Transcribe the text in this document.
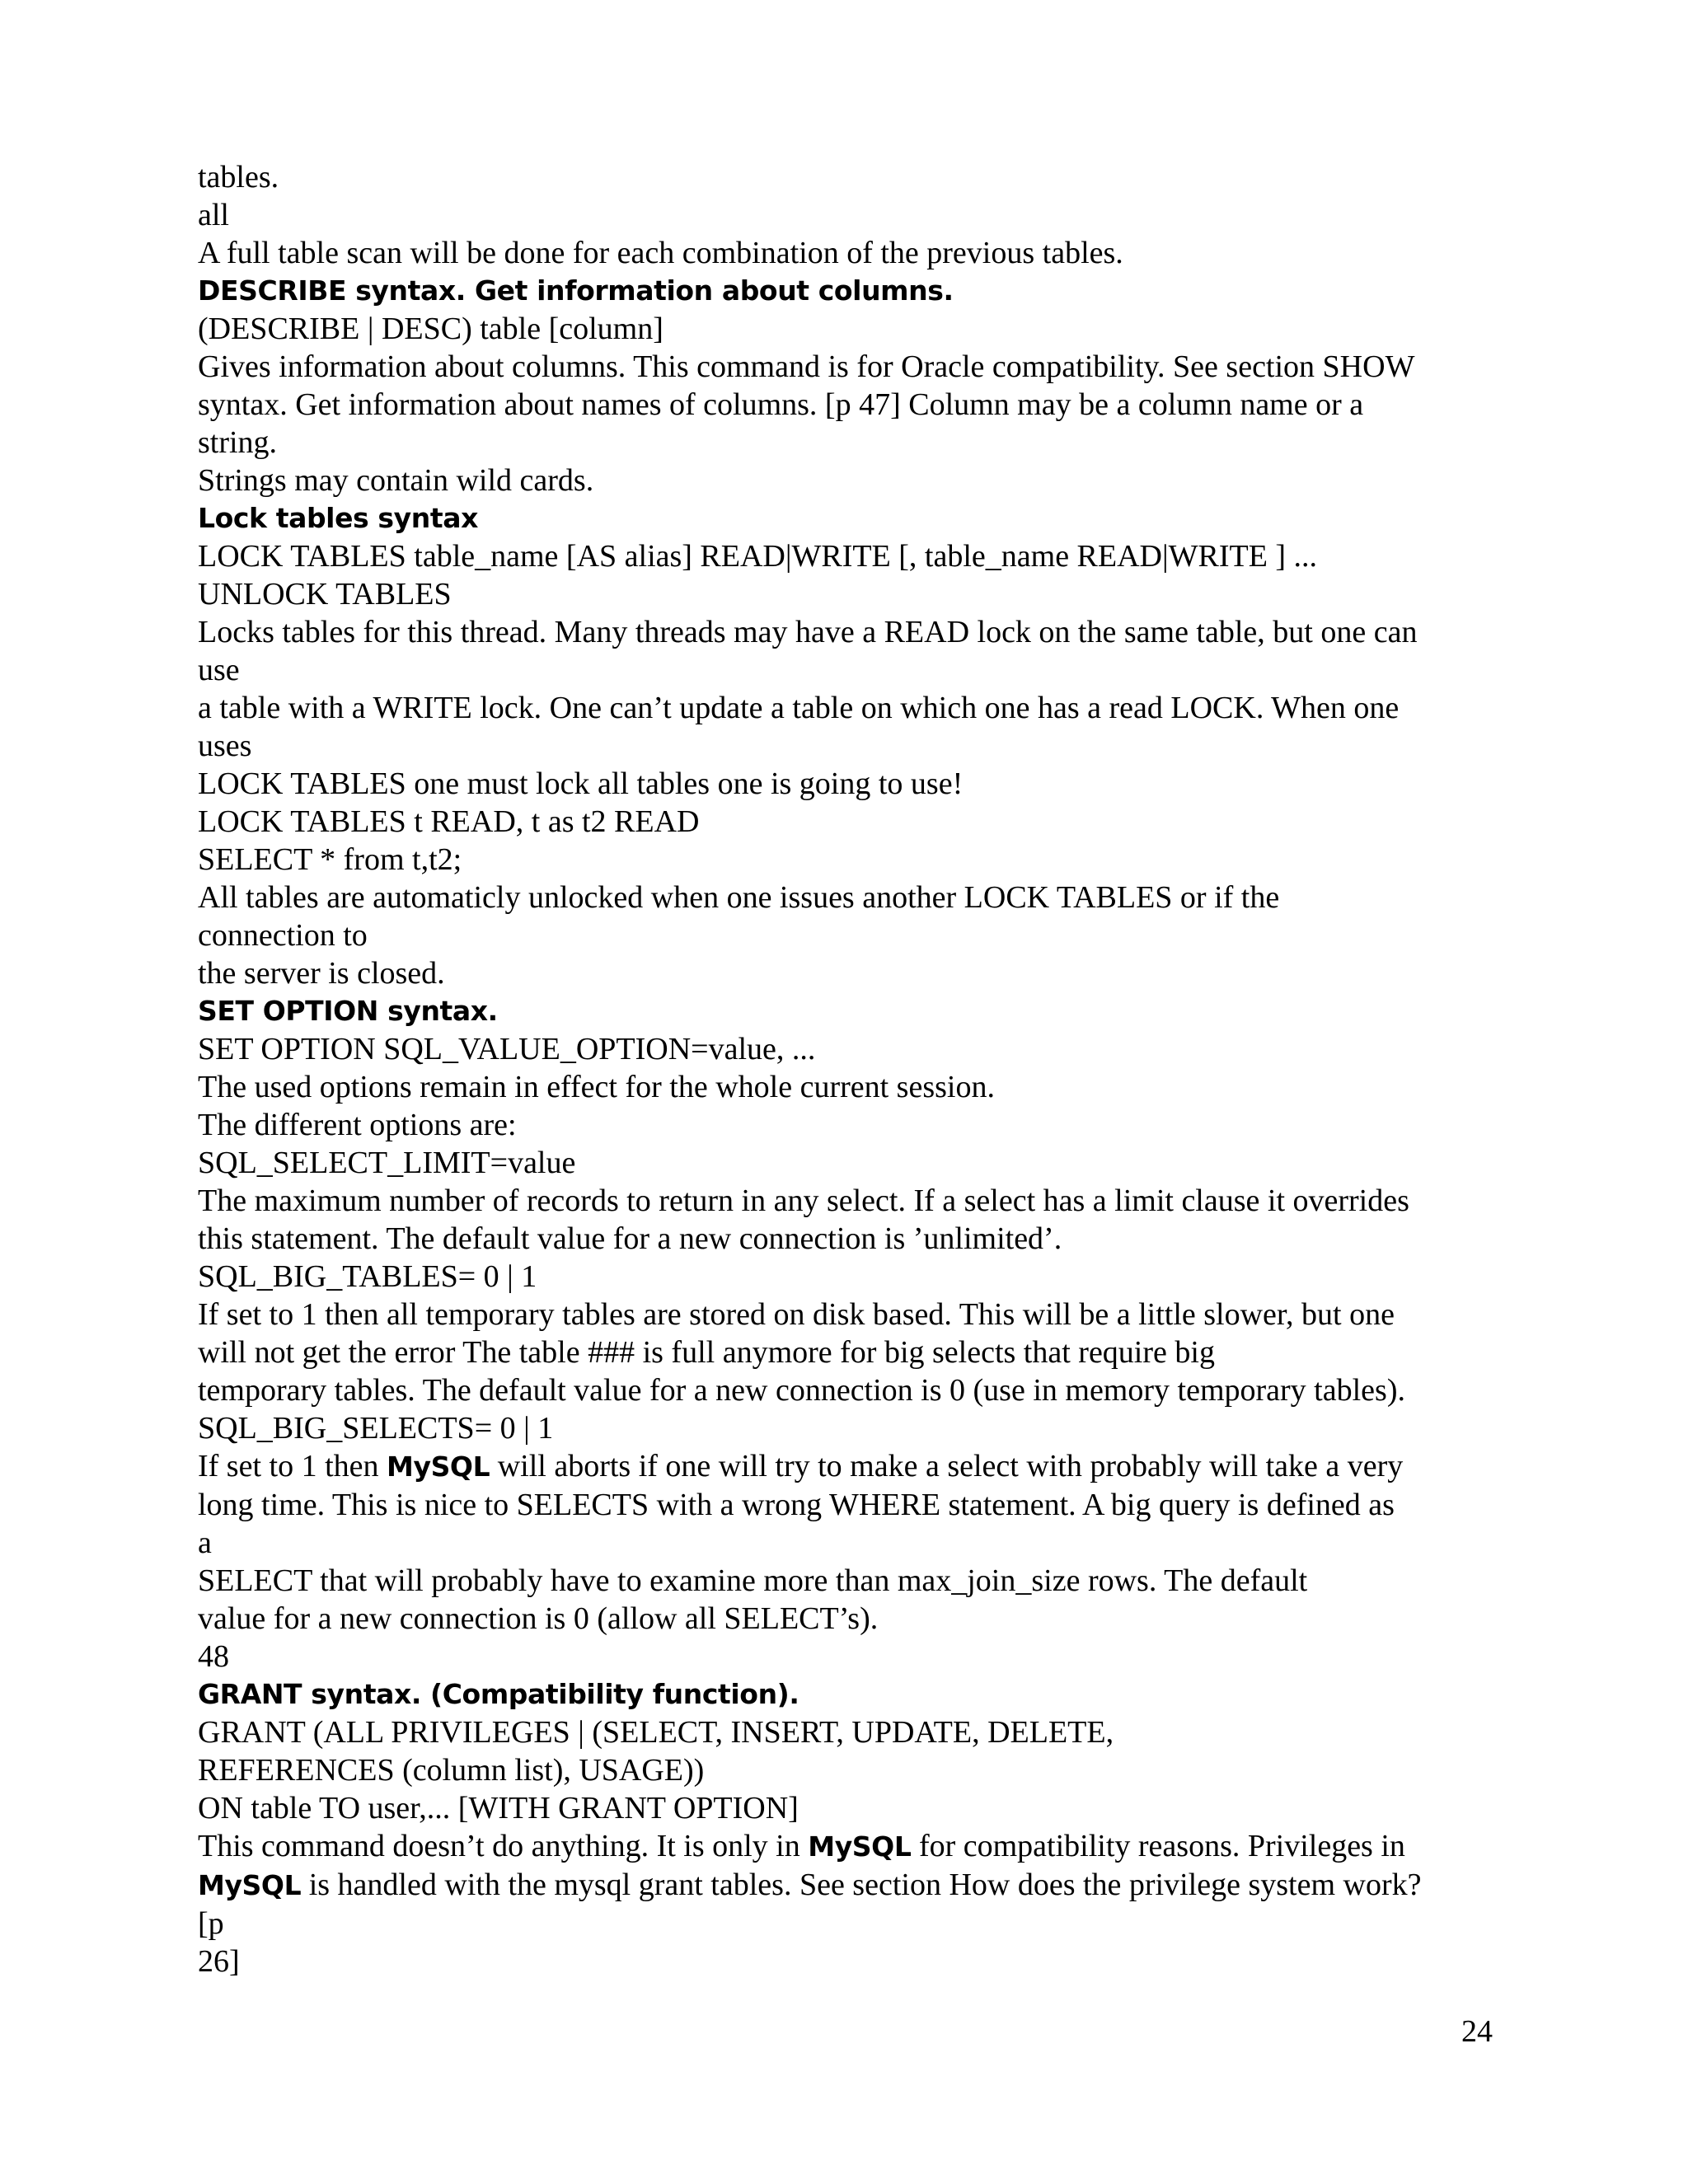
tables.
all
A full table scan will be done for each combination of the previous tables.
DESCRIBE syntax. Get information about columns.
(DESCRIBE | DESC) table [column]
Gives information about columns. This command is for Oracle compatibility. See section SHOW
syntax. Get information about names of columns. [p 47] Column may be a column name or a
string.
Strings may contain wild cards.
Lock tables syntax
LOCK TABLES table_name [AS alias] READ|WRITE [, table_name READ|WRITE ] ...
UNLOCK TABLES
Locks tables for this thread. Many threads may have a READ lock on the same table, but one can
use
a table with a WRITE lock. One can’t update a table on which one has a read LOCK. When one
uses
LOCK TABLES one must lock all tables one is going to use!
LOCK TABLES t READ, t as t2 READ
SELECT * from t,t2;
All tables are automaticly unlocked when one issues another LOCK TABLES or if the
connection to
the server is closed.
SET OPTION syntax.
SET OPTION SQL_VALUE_OPTION=value, ...
The used options remain in effect for the whole current session.
The different options are:
SQL_SELECT_LIMIT=value
The maximum number of records to return in any select. If a select has a limit clause it overrides
this statement. The default value for a new connection is ’unlimited’.
SQL_BIG_TABLES= 0 | 1
If set to 1 then all temporary tables are stored on disk based. This will be a little slower, but one
will not get the error The table ### is full anymore for big selects that require big
temporary tables. The default value for a new connection is 0 (use in memory temporary tables).
SQL_BIG_SELECTS= 0 | 1
If set to 1 then MySQL will aborts if one will try to make a select with probably will take a very
long time. This is nice to SELECTS with a wrong WHERE statement. A big query is defined as
a
SELECT that will probably have to examine more than max_join_size rows. The default
value for a new connection is 0 (allow all SELECT’s).
48
GRANT syntax. (Compatibility function).
GRANT (ALL PRIVILEGES | (SELECT, INSERT, UPDATE, DELETE,
REFERENCES (column list), USAGE))
ON table TO user,... [WITH GRANT OPTION]
This command doesn’t do anything. It is only in MySQL for compatibility reasons. Privileges in
MySQL is handled with the mysql grant tables. See section How does the privilege system work?
[p
26]
24
